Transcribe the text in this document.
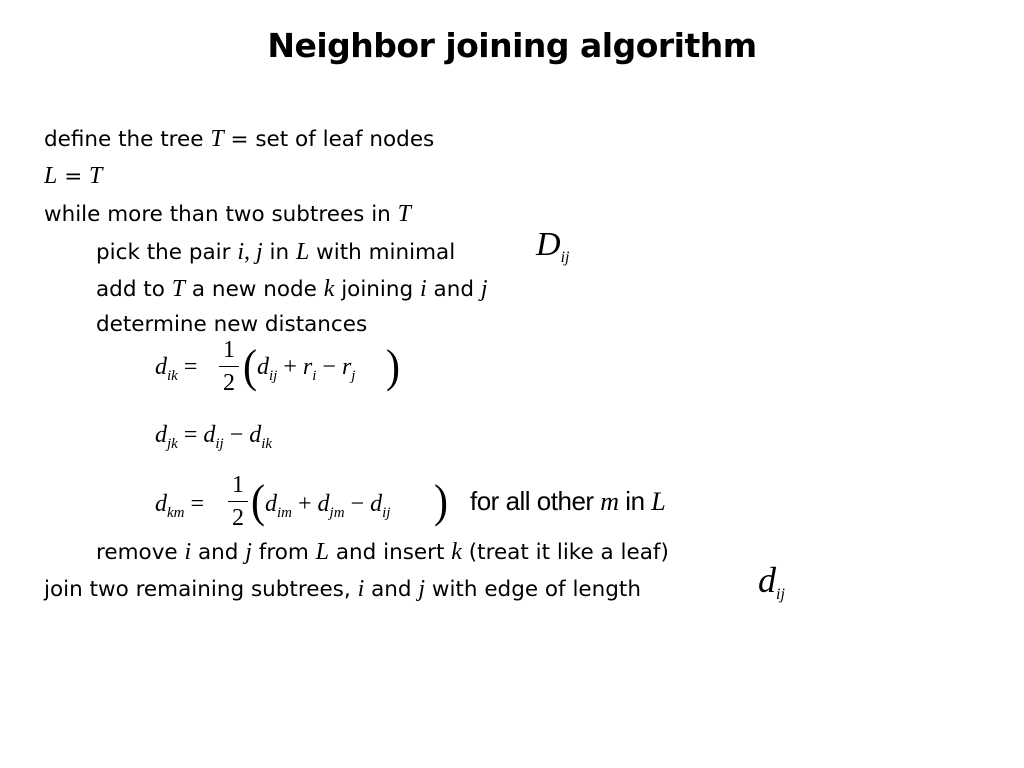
Neighbor joining algorithm
define the tree T = set of leaf nodes
L = T
while more than two subtrees in T
pick the pair i, j in L with minimal $D_{ij}$
add to T a new node k joining i and j
determine new distances
$d_{ik}$ =
1
2 ( $d_{ij} + r_i - r_j$ )
$d_{jk} = d_{ij} - d_{ik}$
$d_{km}$ =
1
2 ( $d_{im} + d_{jm} - d_{ij}$ ) for all other m in L
remove i and j from L and insert k (treat it like a leaf)
join two remaining subtrees, i and j with edge of length	$d_{ij}$
